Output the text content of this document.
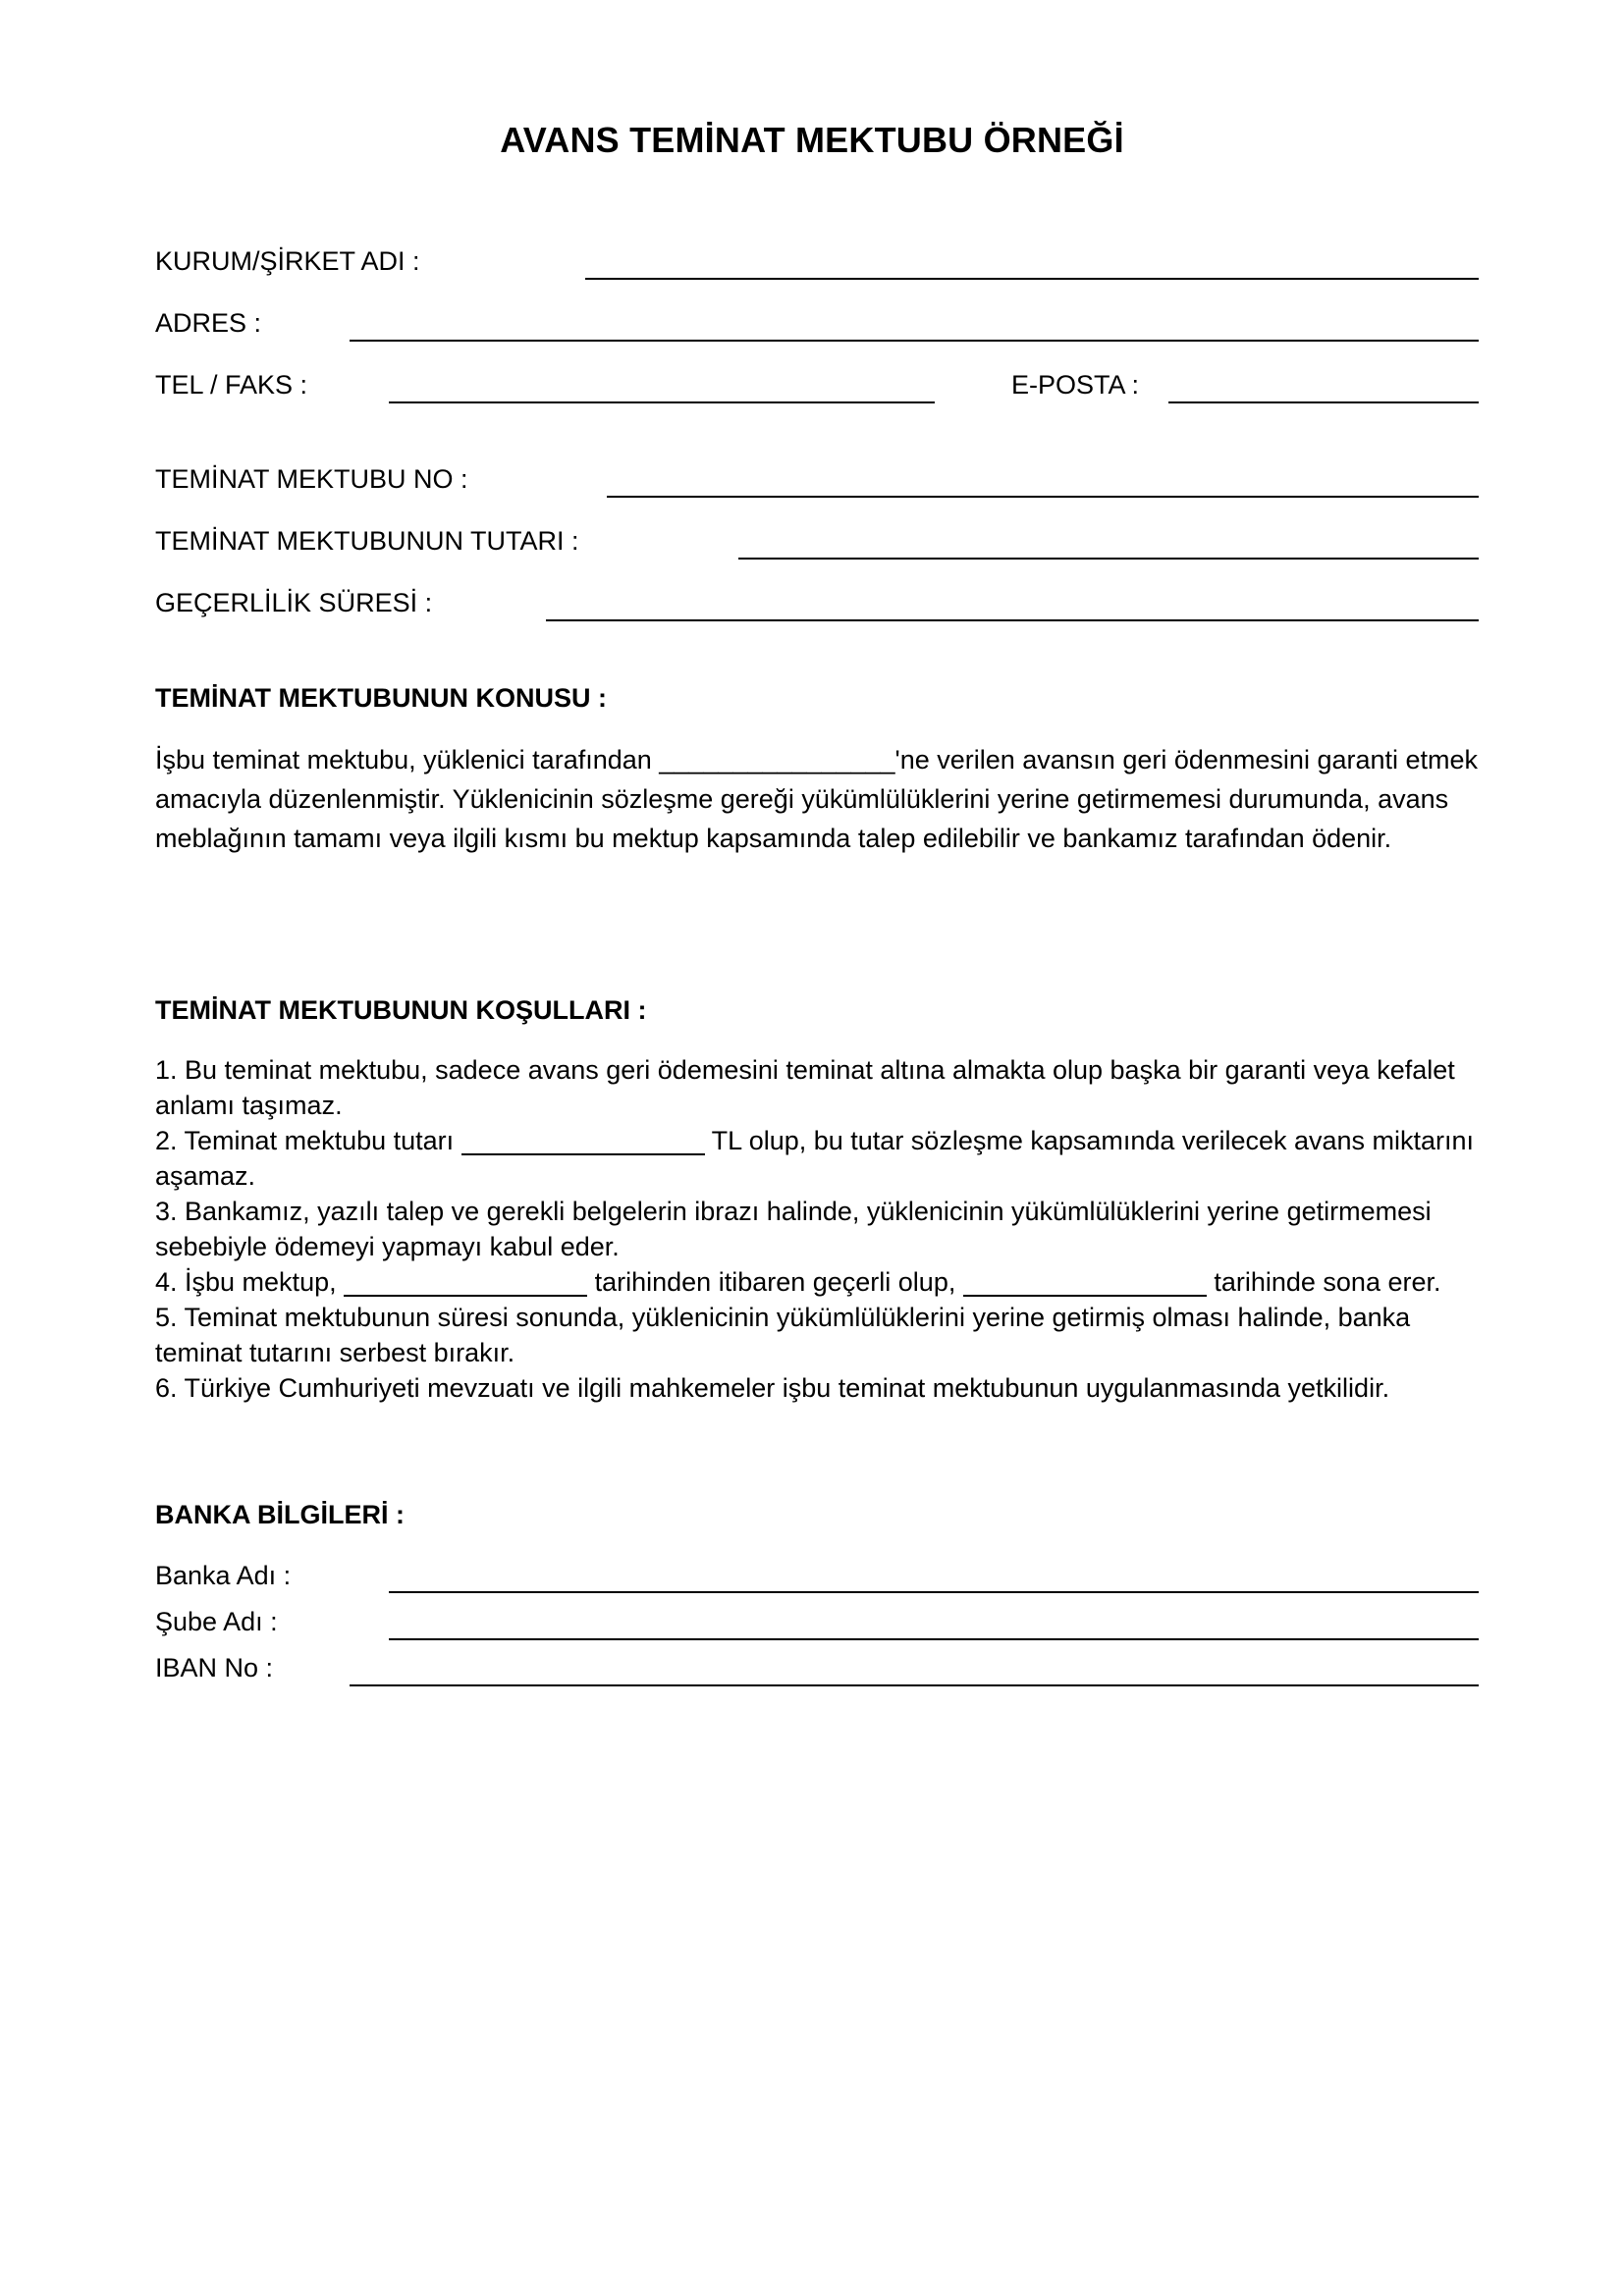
AVANS TEMİNAT MEKTUBU ÖRNEĞİ
KURUM/ŞİRKET ADI :
ADRES :
TEL / FAKS :	E-POSTA :
TEMİNAT MEKTUBU NO :
TEMİNAT MEKTUBUNUN TUTARI :
GEÇERLİLİK SÜRESİ :
TEMİNAT MEKTUBUNUN KONUSU :

İşbu teminat mektubu, yüklenici tarafından ________________'ne verilen avansın geri ödenmesini garanti etmek amacıyla düzenlenmiştir. Yüklenicinin sözleşme gereği yükümlülüklerini yerine getirmemesi durumunda, avans meblağının tamamı veya ilgili kısmı bu mektup kapsamında talep edilebilir ve bankamız tarafından ödenir.

TEMİNAT MEKTUBUNUN KOŞULLARI :
1. Bu teminat mektubu, sadece avans geri ödemesini teminat altına almakta olup başka bir garanti veya kefalet anlamı taşımaz.
2. Teminat mektubu tutarı	TL olup, bu tutar sözleşme kapsamında verilecek avans miktarını aşamaz.
3. Bankamız, yazılı talep ve gerekli belgelerin ibrazı halinde, yüklenicinin yükümlülüklerini yerine getirmemesi sebebiyle ödemeyi yapmayı kabul eder.
4. İşbu mektup,	tarihinden itibaren geçerli olup,	tarihinde sona erer.
5. Teminat mektubunun süresi sonunda, yüklenicinin yükümlülüklerini yerine getirmiş olması halinde, banka teminat tutarını serbest bırakır.
6. Türkiye Cumhuriyeti mevzuatı ve ilgili mahkemeler işbu teminat mektubunun uygulanmasında yetkilidir.
BANKA BİLGİLERİ :
Banka Adı :
Şube Adı :
IBAN No :
